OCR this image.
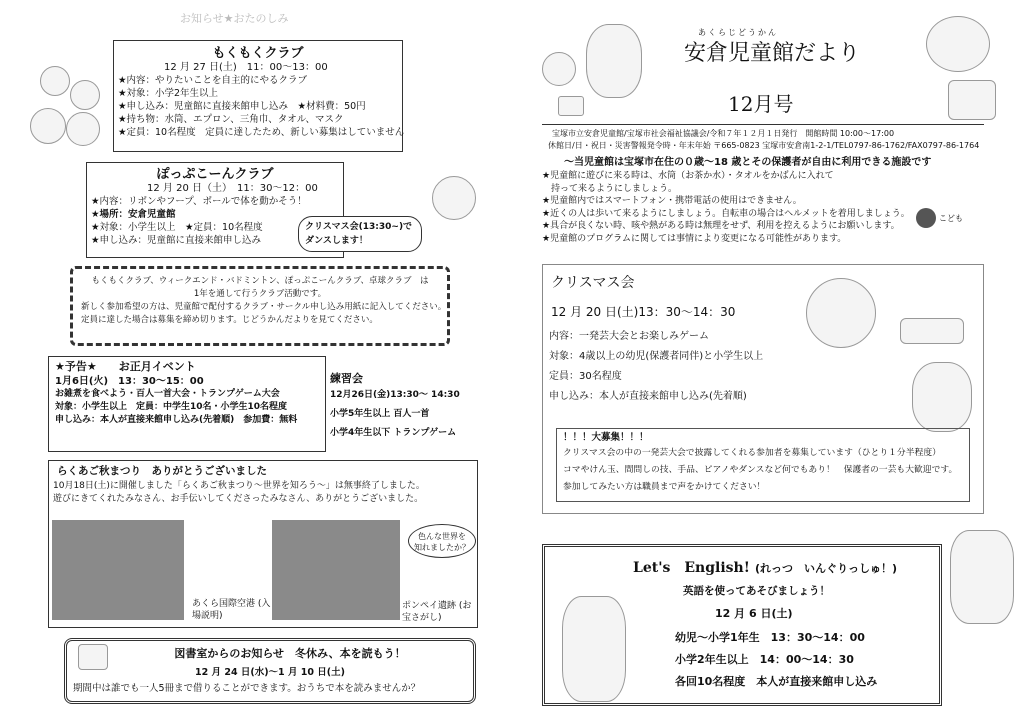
お知らせ★おたのしみ
もくもくクラブ
12 月 27 日(土)　11：00～13：00
★内容：やりたいことを自主的にやるクラブ
★対象：小学2年生以上
★申し込み：児童館に直接来館申し込み　 ★材料費：50円
★持ち物：水筒、エプロン、三角巾、タオル、マスク
★定員：10名程度　定員に達したため、新しい募集はしていません
ぽっぷこーんクラブ
12 月 20 日（土）　11：30～12：00
★内容：リボンやフープ、ボールで体を動かそう！
★場所：安倉児童館
★対象：小学生以上　★定員：10名程度
★申し込み：児童館に直接来館申し込み
クリスマス会(13:30~)で ダンスします！
もくもくクラブ、ウィークエンド・バドミントン、ぽっぷこーんクラブ、卓球クラブ　は
1年を通して行うクラブ活動です。
新しく参加希望の方は、児童館で配付するクラブ・サークル申し込み用紙に記入してください。
定員に達した場合は募集を締め切ります。じどうかんだよりを見てください。
★予告★　　 お正月イベント
1月6日(火)　13：30～15：00
お雑煮を食べよう・百人一首大会・トランプゲーム大会
対象：小学生以上　定員：中学生10名・小学生10名程度
申し込み：本人が直接来館申し込み(先着順)　参加費：無料
練習会
12月26日(金)13:30～ 14:30
小学5年生以上 百人一首
小学4年生以下 トランプゲーム
らくあご秋まつり　ありがとうございました
10月18日(土)に開催しました「らくあご秋まつり～世界を知ろう～」は無事終了しました。
遊びにきてくれたみなさん、お手伝いしてくださったみなさん、ありがとうございました。
あくら国際空港 (入場説明)
ポンペイ遺跡 (お宝さがし)
色んな世界を 知れましたか？
図書室からのお知らせ　冬休み、本を読もう！
12 月 24 日(水)～1 月 10 日(土)
期間中は誰でも一人5冊まで借りることができます。おうちで本を読みませんか？
あくらじどうかん
安倉児童館だより
12月号
宝塚市立安倉児童館/宝塚市社会福祉協議会/令和７年１２月１日発行　開館時間 10:00～17:00
休館日/日・祝日・災害警報発令時・年末年始 〒665-0823 宝塚市安倉南1-2-1/TEL0797-86-1762/FAX0797-86-1764
～当児童館は宝塚市在住の０歳～18 歳とその保護者が自由に利用できる施設です
★児童館に遊びに来る時は、水筒（お茶か水）・タオルをかばんに入れて
　持って来るようにしましょう。
★児童館内ではスマートフォン・携帯電話の使用はできません。
★近くの人は歩いて来るようにしましょう。自転車の場合はヘルメットを着用しましょう。
★具合が良くない時、咳や熱がある時は無理をせず、利用を控えるようにお願いします。
★児童館のプログラムに関しては事情により変更になる可能性があります。
こども
クリスマス会
12 月 20 日(土)13：30～14：30
内容：一発芸大会とお楽しみゲーム
対象：4歳以上の幼児(保護者同伴)と小学生以上
定員：30名程度
申し込み：本人が直接来館申し込み(先着順)
！！！大募集！！！
クリスマス会の中の一発芸大会で披露してくれる参加者を募集しています（ひとり１分半程度）
コマやけん玉、間問しの技、手品、ピアノやダンスなど何でもあり！　保護者の一芸も大歓迎です。
参加してみたい方は職員まで声をかけてください！
Let's　English! (れっつ　いんぐりっしゅ！)
英語を使ってあそびましょう！
12 月 6 日(土)
幼児～小学1年生　 13：30～14：00
小学2年生以上　 14：00～14：30
各回10名程度　本人が直接来館申し込み
